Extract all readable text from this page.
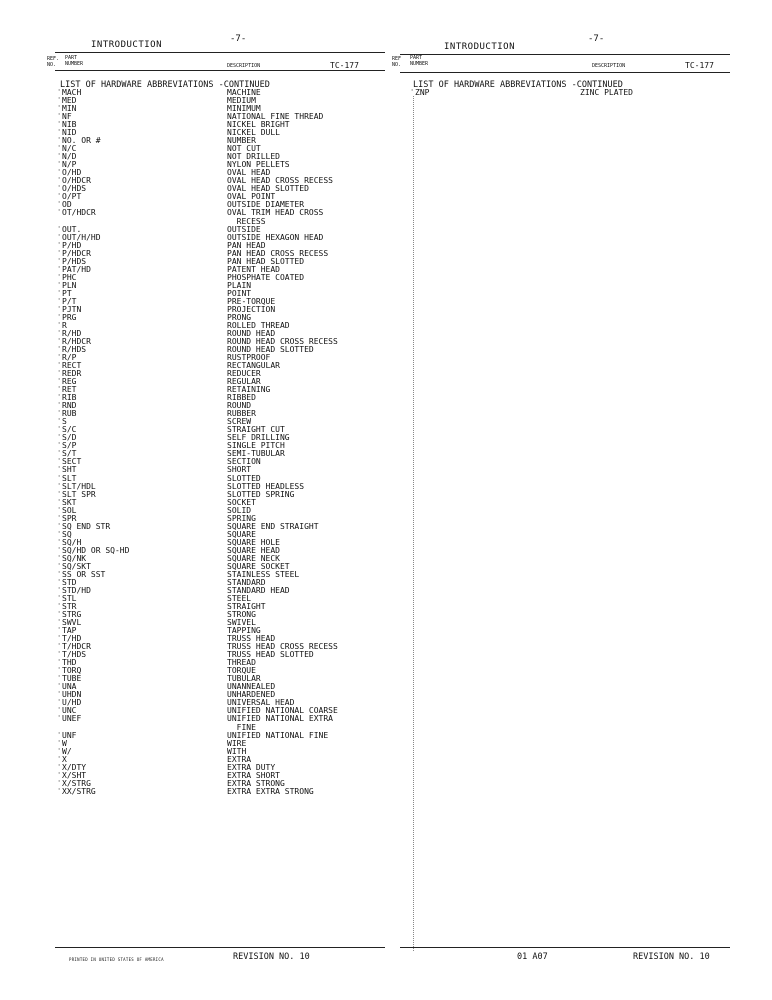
-7-
INTRODUCTION
REF.
NO.
PART
NUMBER	DESCRIPTION	TC-177
LIST OF HARDWARE ABBREVIATIONS -CONTINUED
' MACH	MACHINE
' MED	MEDIUM
' MIN	MINIMUM
' NF	NATIONAL FINE THREAD
' NIB	NICKEL BRIGHT
' NID	NICKEL DULL
' NO. OR #	NUMBER
' N/C	NOT CUT
' N/D	NOT DRILLED
' N/P	NYLON PELLETS
' O/HD	OVAL HEAD
' O/HDCR	OVAL HEAD CROSS RECESS
' O/HDS	OVAL HEAD SLOTTED
' O/PT	OVAL POINT
' OD	OUTSIDE DIAMETER
' OT/HDCR	OVAL TRIM HEAD CROSS
RECESS
' OUT.	OUTSIDE
' OUT/H/HD	OUTSIDE HEXAGON HEAD
' P/HD	PAN HEAD
' P/HDCR	PAN HEAD CROSS RECESS
' P/HDS	PAN HEAD SLOTTED
' PAT/HD	PATENT HEAD
' PHC	PHOSPHATE COATED
' PLN	PLAIN
' PT	POINT
' P/T	PRE-TORQUE
' PJTN	PROJECTION
' PRG	PRONG
' R	ROLLED THREAD
' R/HD	ROUND HEAD
' R/HDCR	ROUND HEAD CROSS RECESS
' R/HDS	ROUND HEAD SLOTTED
' R/P	RUSTPROOF
' RECT	RECTANGULAR
' REDR	REDUCER
' REG	REGULAR
' RET	RETAINING
' RIB	RIBBED
' RND	ROUND
' RUB	RUBBER
' S	SCREW
' S/C	STRAIGHT CUT
' S/D	SELF DRILLING
' S/P	SINGLE PITCH
' S/T	SEMI-TUBULAR
' SECT	SECTION
' SHT	SHORT
' SLT	SLOTTED
' SLT/HDL	SLOTTED HEADLESS
' SLT SPR	SLOTTED SPRING
' SKT	SOCKET
' SOL	SOLID
' SPR	SPRING
' SQ END STR	SQUARE END STRAIGHT
' SQ	SQUARE
' SQ/H	SQUARE HOLE
' SQ/HD OR SQ-HD	SQUARE HEAD
' SQ/NK	SQUARE NECK
' SQ/SKT	SQUARE SOCKET
' SS OR SST	STAINLESS STEEL
' STD	STANDARD
' STD/HD	STANDARD HEAD
' STL	STEEL
' STR	STRAIGHT
' STRG	STRONG
' SWVL	SWIVEL
' TAP	TAPPING
' T/HD	TRUSS HEAD
' T/HDCR	TRUSS HEAD CROSS RECESS
' T/HDS	TRUSS HEAD SLOTTED
' THD	THREAD
' TORQ	TORQUE
' TUBE	TUBULAR
' UNA	UNANNEALED
' UHDN	UNHARDENED
' U/HD	UNIVERSAL HEAD
' UNC	UNIFIED NATIONAL COARSE
' UNEF	UNIFIED NATIONAL EXTRA
FINE
' UNF	UNIFIED NATIONAL FINE
' W	WIRE
' W/	WITH
' X	EXTRA
' X/DTY	EXTRA DUTY
' X/SHT	EXTRA SHORT
' X/STRG	EXTRA STRONG
' XX/STRG	EXTRA EXTRA STRONG
PRINTED IN UNITED STATES OF AMERICA	REVISION NO. 10
-7-
INTRODUCTION
REF
NO.
PART
NUMBER	DESCRIPTION	TC-177
LIST OF HARDWARE ABBREVIATIONS -CONTINUED
' ZNP	ZINC PLATED
01 A07	REVISION NO. 10
